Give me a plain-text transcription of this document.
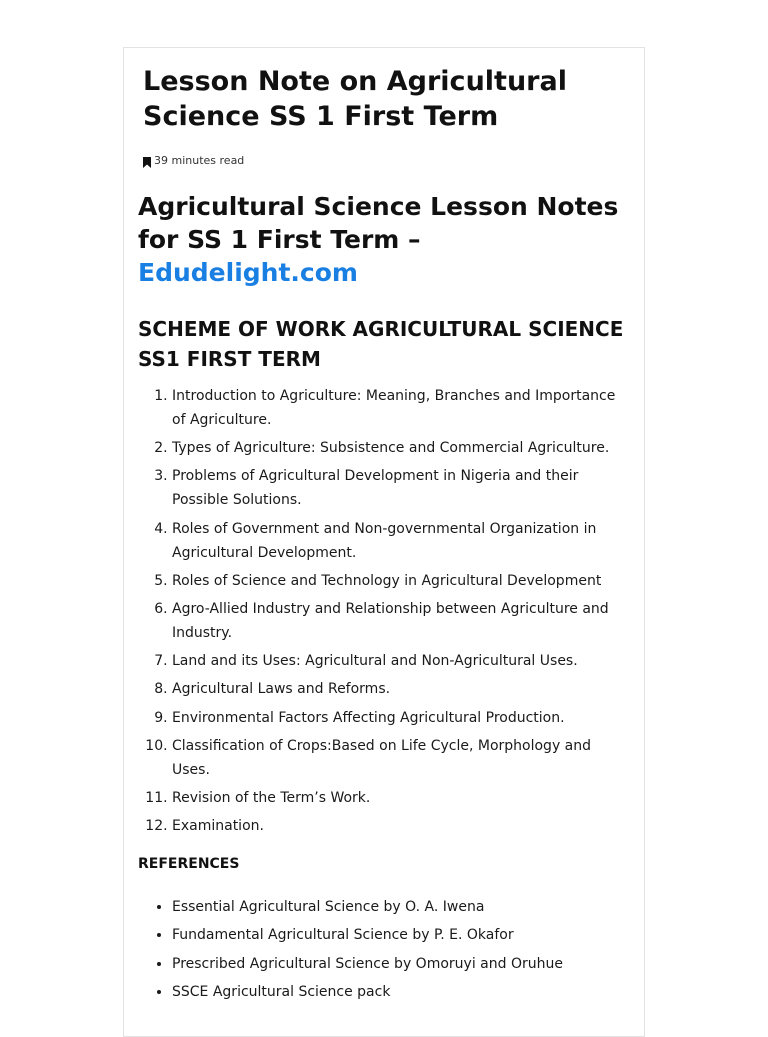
Lesson Note on Agricultural Science SS 1 First Term
39 minutes read
Agricultural Science Lesson Notes for SS 1 First Term – Edudelight.com
SCHEME OF WORK AGRICULTURAL SCIENCE SS1 FIRST TERM
1. Introduction to Agriculture: Meaning, Branches and Importance of Agriculture.
2. Types of Agriculture: Subsistence and Commercial Agriculture.
3. Problems of Agricultural Development in Nigeria and their Possible Solutions.
4. Roles of Government and Non-governmental Organization in Agricultural Development.
5. Roles of Science and Technology in Agricultural Development
6. Agro-Allied Industry and Relationship between Agriculture and Industry.
7. Land and its Uses: Agricultural and Non-Agricultural Uses.
8. Agricultural Laws and Reforms.
9. Environmental Factors Affecting Agricultural Production.
10. Classification of Crops:Based on Life Cycle, Morphology and Uses.
11. Revision of the Term’s Work.
12. Examination.

REFERENCES

• Essential Agricultural Science by O. A. Iwena
• Fundamental Agricultural Science by P. E. Okafor
• Prescribed Agricultural Science by Omoruyi and Oruhue
• SSCE Agricultural Science pack
